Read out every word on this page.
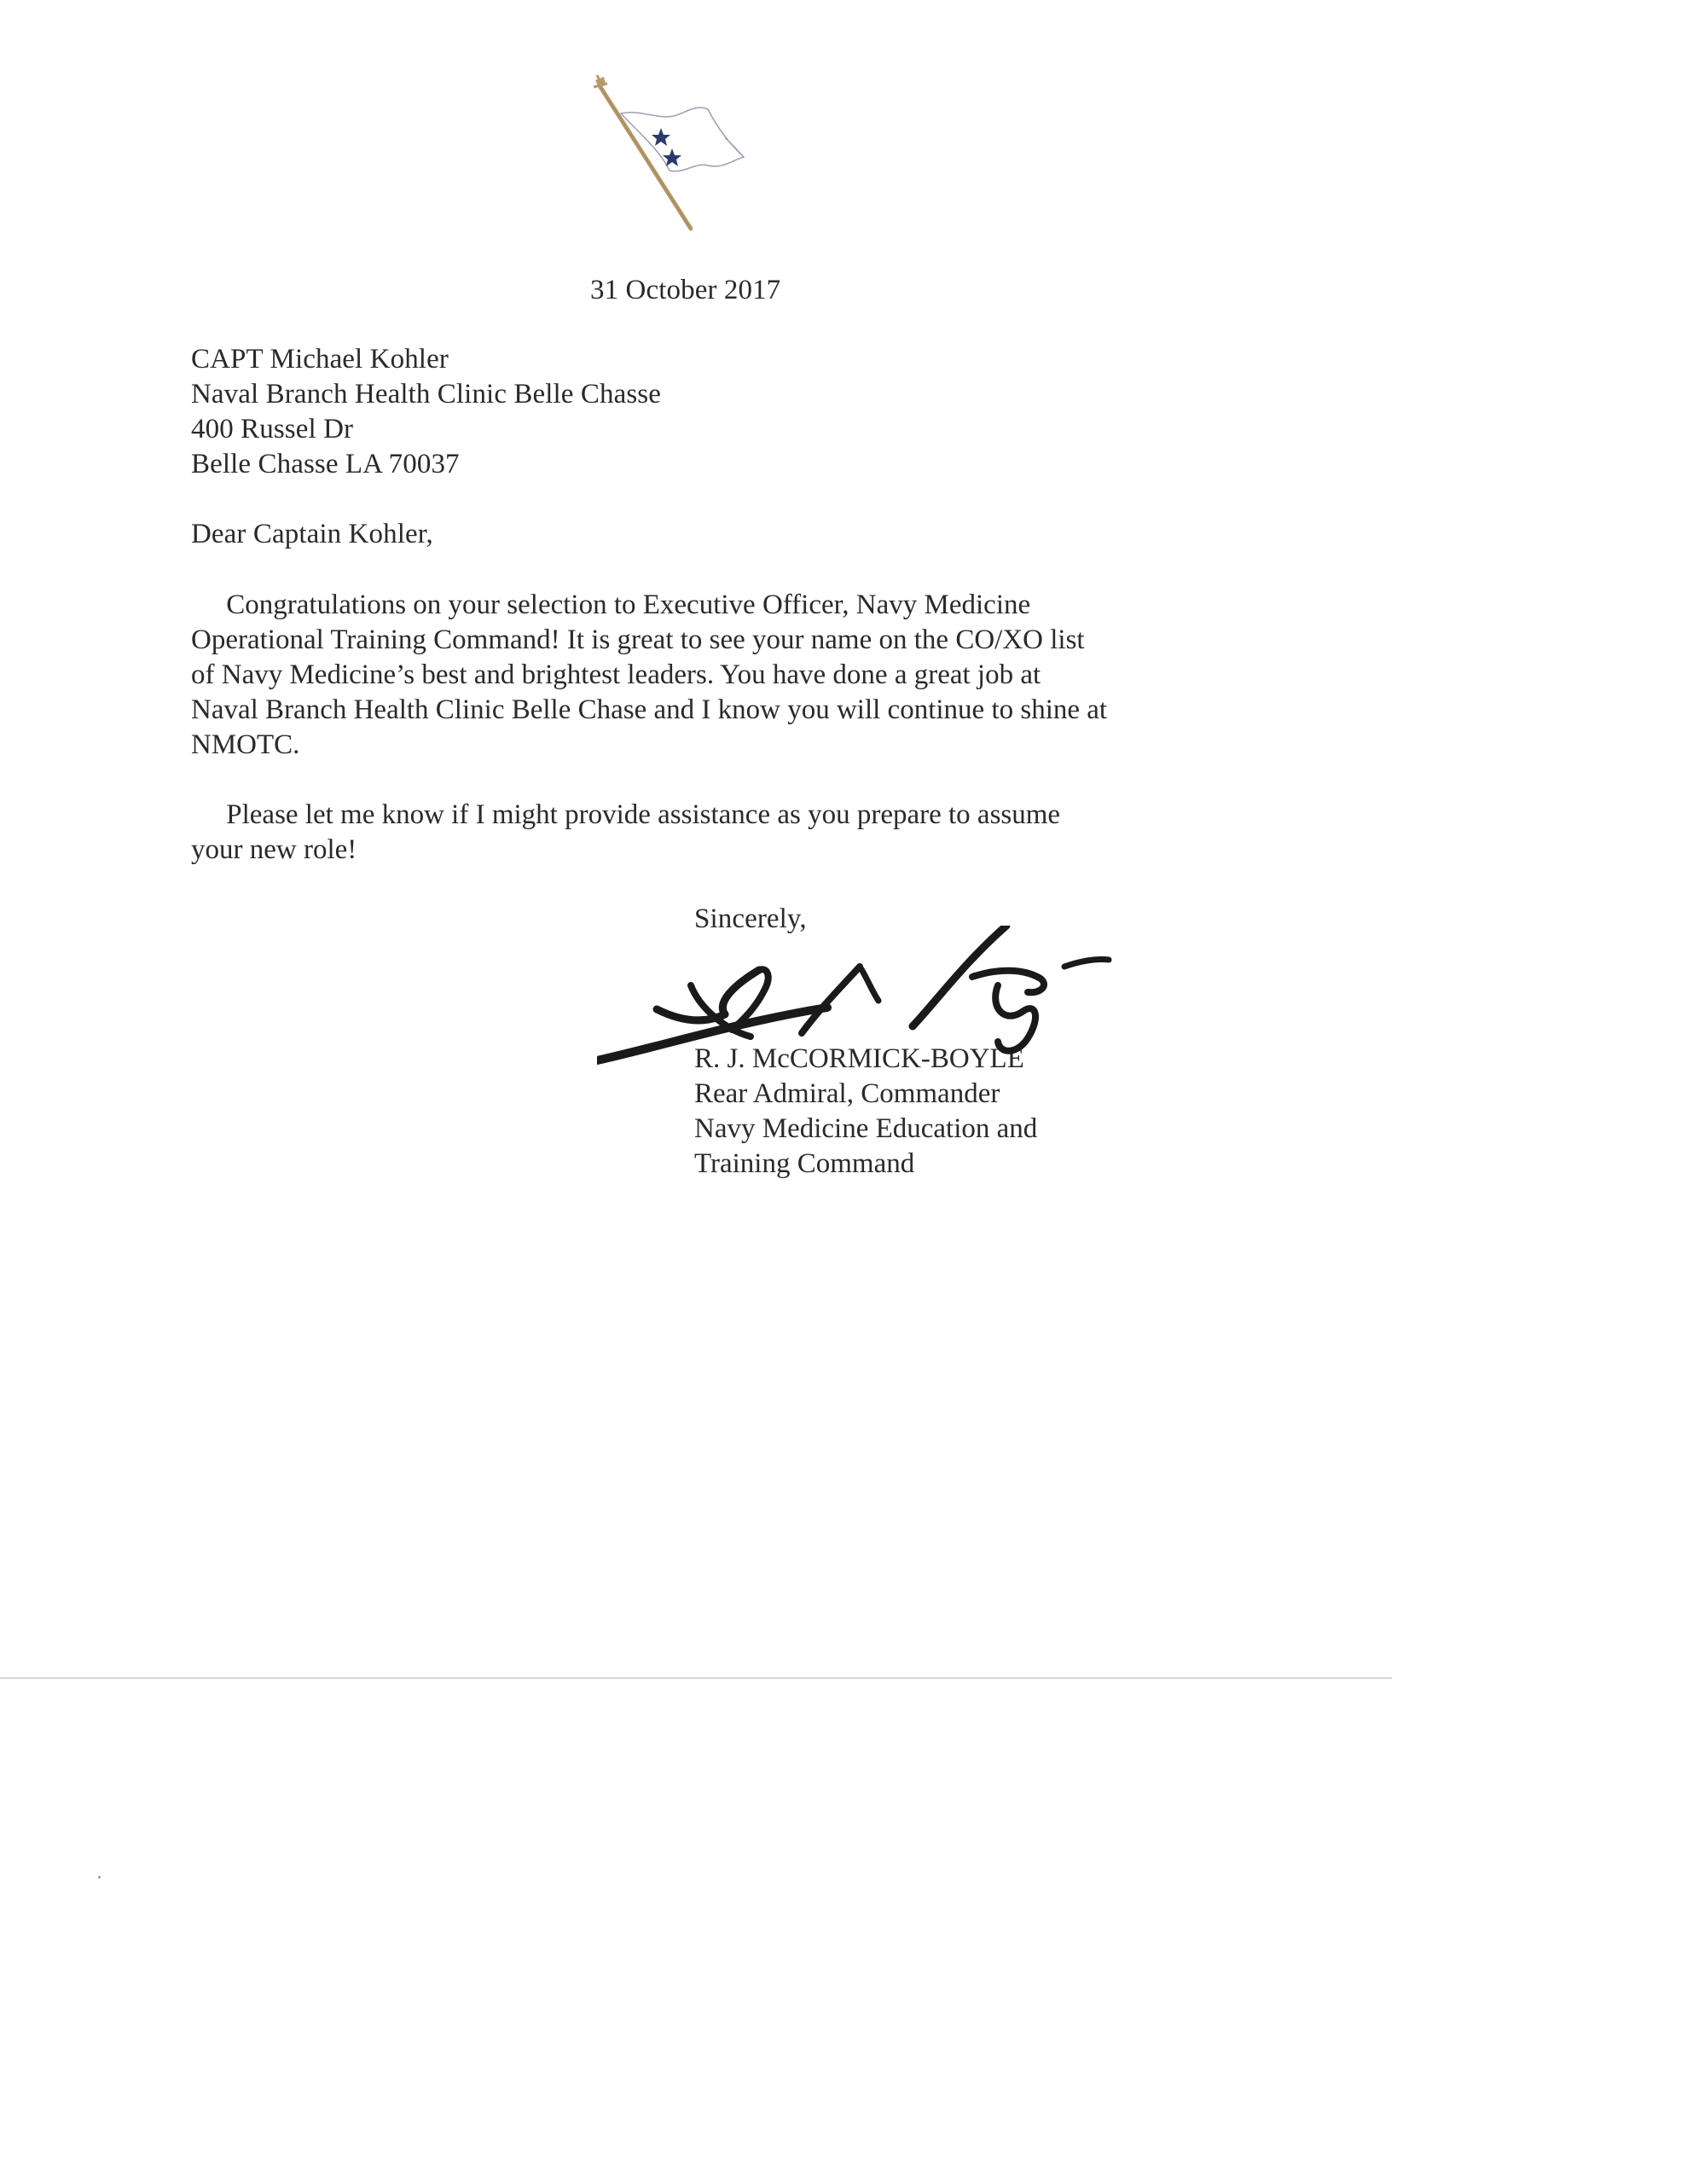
31 October 2017
CAPT Michael Kohler
Naval Branch Health Clinic Belle Chasse
400 Russel Dr
Belle Chasse LA 70037
Dear Captain Kohler,
Congratulations on your selection to Executive Officer, Navy Medicine
Operational Training Command! It is great to see your name on the CO/XO list
of Navy Medicine’s best and brightest leaders. You have done a great job at
Naval Branch Health Clinic Belle Chase and I know you will continue to shine at
NMOTC.
Please let me know if I might provide assistance as you prepare to assume
your new role!
Sincerely,
R. J. McCORMICK-BOYLE
Rear Admiral, Commander
Navy Medicine Education and
Training Command
